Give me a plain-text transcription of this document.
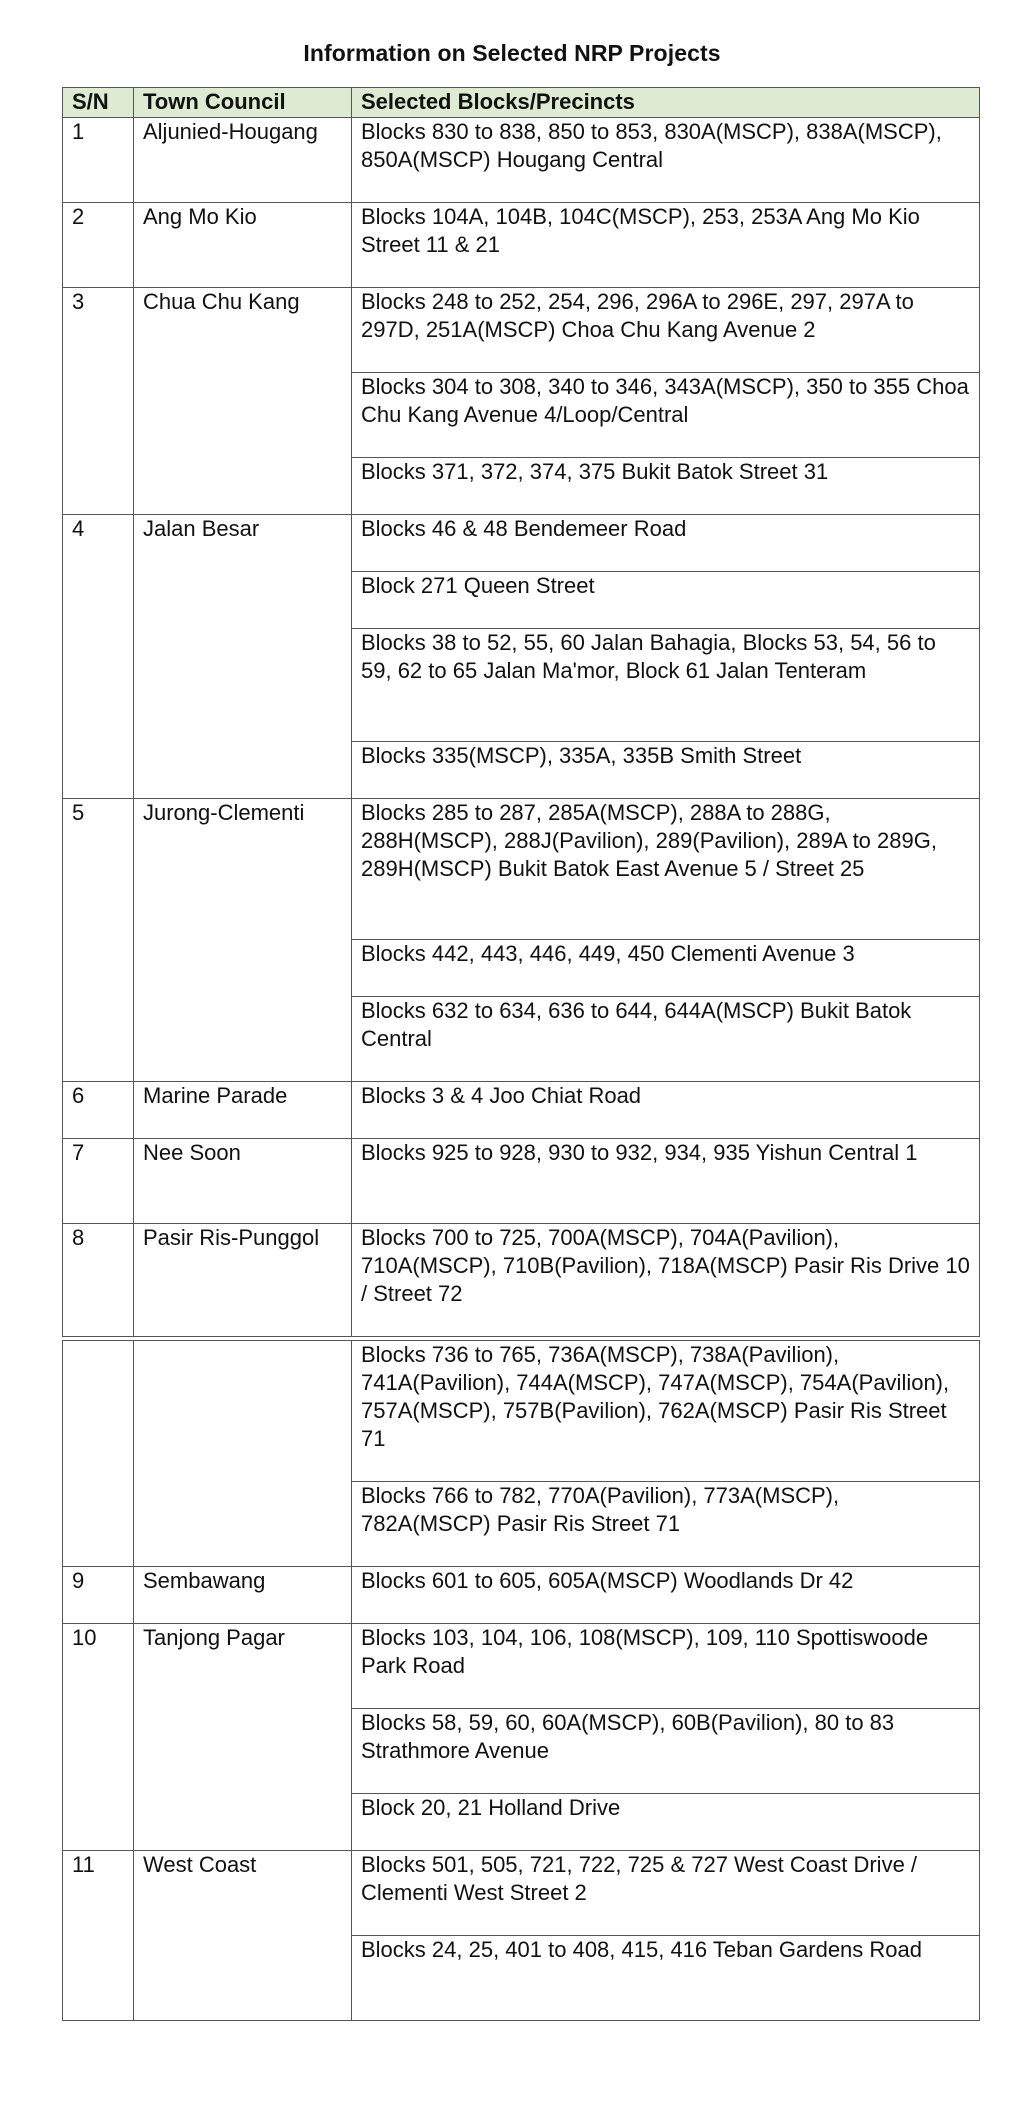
Information on Selected NRP Projects
S/N	Town Council	Selected Blocks/Precincts
1	Aljunied-Hougang	Blocks 830 to 838, 850 to 853, 830A(MSCP), 838A(MSCP), 850A(MSCP) Hougang Central
2	Ang Mo Kio	Blocks 104A, 104B, 104C(MSCP), 253, 253A Ang Mo Kio Street 11 & 21
3	Chua Chu Kang	Blocks 248 to 252, 254, 296, 296A to 296E, 297, 297A to 297D, 251A(MSCP) Choa Chu Kang Avenue 2
		Blocks 304 to 308, 340 to 346, 343A(MSCP), 350 to 355 Choa Chu Kang Avenue 4/Loop/Central
		Blocks 371, 372, 374, 375 Bukit Batok Street 31
4	Jalan Besar	Blocks 46 & 48 Bendemeer Road
		Block 271 Queen Street
		Blocks 38 to 52, 55, 60 Jalan Bahagia, Blocks 53, 54, 56 to 59, 62 to 65 Jalan Ma'mor, Block 61 Jalan Tenteram
		Blocks 335(MSCP), 335A, 335B Smith Street
5	Jurong-Clementi	Blocks 285 to 287, 285A(MSCP), 288A to 288G, 288H(MSCP), 288J(Pavilion), 289(Pavilion), 289A to 289G, 289H(MSCP) Bukit Batok East Avenue 5 / Street 25
		Blocks 442, 443, 446, 449, 450 Clementi Avenue 3
		Blocks 632 to 634, 636 to 644, 644A(MSCP) Bukit Batok Central
6	Marine Parade	Blocks 3 & 4 Joo Chiat Road
7	Nee Soon	Blocks 925 to 928, 930 to 932, 934, 935 Yishun Central 1
8	Pasir Ris-Punggol	Blocks 700 to 725, 700A(MSCP), 704A(Pavilion), 710A(MSCP), 710B(Pavilion), 718A(MSCP) Pasir Ris Drive 10 / Street 72

		Blocks 736 to 765, 736A(MSCP), 738A(Pavilion), 741A(Pavilion), 744A(MSCP), 747A(MSCP), 754A(Pavilion), 757A(MSCP), 757B(Pavilion), 762A(MSCP) Pasir Ris Street 71
		Blocks 766 to 782, 770A(Pavilion), 773A(MSCP), 782A(MSCP) Pasir Ris Street 71
9	Sembawang	Blocks 601 to 605, 605A(MSCP) Woodlands Dr 42
10	Tanjong Pagar	Blocks 103, 104, 106, 108(MSCP), 109, 110 Spottiswoode Park Road
		Blocks 58, 59, 60, 60A(MSCP), 60B(Pavilion), 80 to 83 Strathmore Avenue
		Block 20, 21 Holland Drive
11	West Coast	Blocks 501, 505, 721, 722, 725 & 727 West Coast Drive / Clementi West Street 2
		Blocks 24, 25, 401 to 408, 415, 416 Teban Gardens Road
